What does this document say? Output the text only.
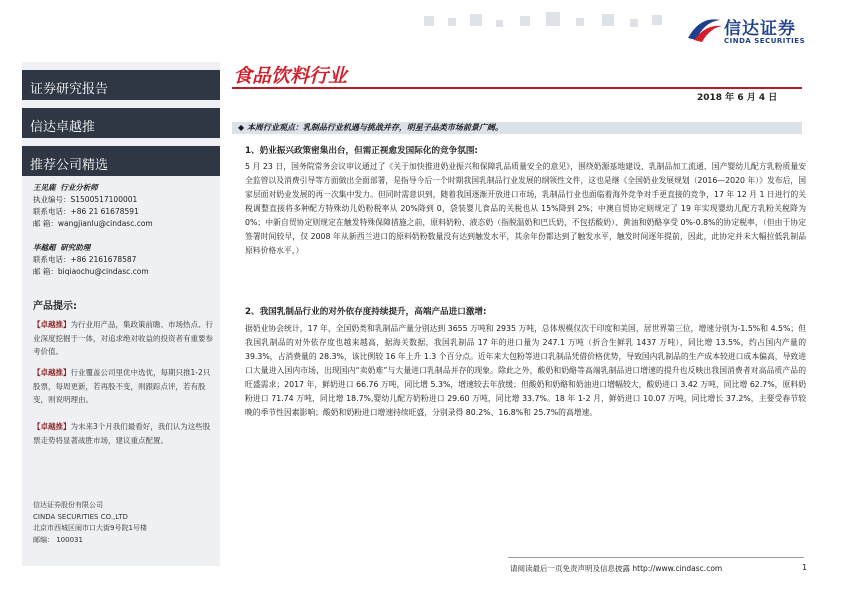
信达证券
CINDA SECURITIES
证券研究报告
信达卓越推
推荐公司精选
王见鹿 行业分析师
执业编号：S1500517100001
联系电话：+86 21 61678591
邮 箱：wangjianlu@cindasc.com
毕越超 研究助理
联系电话：+86 2161678587
邮 箱：biqiaochu@cindasc.com
产品提示:
【卓越推】为行业用产品，集政策前瞻、市场热点、行业深度挖掘于一体，对追求绝对收益的投资者有重要参考价值。
【卓越推】行业覆盖公司里优中选优，每期只推1-2只股票，每周更新，若再股不变，则跟踪点评，若有股变，则说明理由。
【卓越推】为未来3个月我们最看好，我们认为这些股票走势将显著战胜市场，建议重点配置。
信达证券股份有限公司
CINDA SECURITIES CO.,LTD
北京市西城区闹市口大街9号院1号楼
邮编： 100031
食品饮料行业
2018 年 6 月 4 日
◆ 本周行业观点：乳制品行业机遇与挑战并存，明星子品类市场前景广阔。
1、奶业振兴政策密集出台，但需正视愈发国际化的竞争氛围:
5 月 23 日，国务院常务会议审议通过了《关于加快推进奶业振兴和保障乳品质量安全的意见》，围绕奶源基地建设、乳制品加工流通、国产婴幼儿配方乳粉质量安全监管以及消费引导等方面做出全面部署，是指导今后一个时期我国乳制品行业发展的纲领性文件，这也是继《全国奶业发展规划（2016—2020 年）》发布后，国家层面对奶业发展的再一次集中发力。但同时需意识到，随着我国逐渐开放进口市场，乳制品行业也面临着海外竞争对手更直接的竞争，17 年 12 月 1 日进行的关税调整直接将多种配方特殊幼儿奶粉税率从 20%降到 0，袋装婴儿食品的关税也从 15%降到 2%；中澳自贸协定则规定了 19 年实现婴幼儿配方乳粉关税降为 0%；中新自贸协定则规定在触发特殊保障措施之前，原料奶粉、液态奶（指脱温奶和巴氏奶，不包括酸奶）、黄油和奶酪享受 0%-0.8%的协定税率，（但由于协定签署时间较早，仅 2008 年从新西兰进口的原料奶粉数量没有达到触发水平，其余年份都达到了触发水平，触发时间逐年提前，因此，此协定并未大幅拉低乳制品原料价格水平，）
2、我国乳制品行业的对外依存度持续提升，高端产品进口激增:
据奶业协会统计，17 年，全国奶类和乳制品产量分别达到 3655 万吨和 2935 万吨，总体规模仅次于印度和美国，居世界第三位，增速分别为-1.5%和 4.5%；但我国乳制品的对外依存度也越来越高，据海关数据，我国乳制品 17 年的进口量为 247.1 万吨（折合生鲜乳 1437 万吨），同比增 13.5%，约占国内产量的 39.3%，占消费量的 28.3%，该比例较 16 年上升 1.3 个百分点。近年来大包粉等进口乳制品凭借价格优势，导致国内乳制品的生产成本较进口成本偏高，导致进口大量进入国内市场，出现国内“卖奶难”与大量进口乳制品并存的现象。除此之外，酸奶和奶酪等高端乳制品进口增速的提升也反映出我国消费者对高品质产品的旺盛需求；2017 年，鲜奶进口 66.76 万吨，同比增 5.3%，增速较去年放缓；但酸奶和奶酪和奶油进口增幅较大，酸奶进口 3.42 万吨，同比增 62.7%，原料奶粉进口 71.74 万吨，同比增 18.7%,婴幼儿配方奶粉进口 29.60 万吨，同比增 33.7%。18 年 1-2 月，鲜奶进口 10.07 万吨，同比增长 37.2%，主要受春节较晚的季节性因素影响；酸奶和奶粉进口增速持续旺盛，分别录得 80.2%、16.8%和 25.7%的高增速。
请阅读最后一页免责声明及信息披露 http://www.cindasc.com	1
